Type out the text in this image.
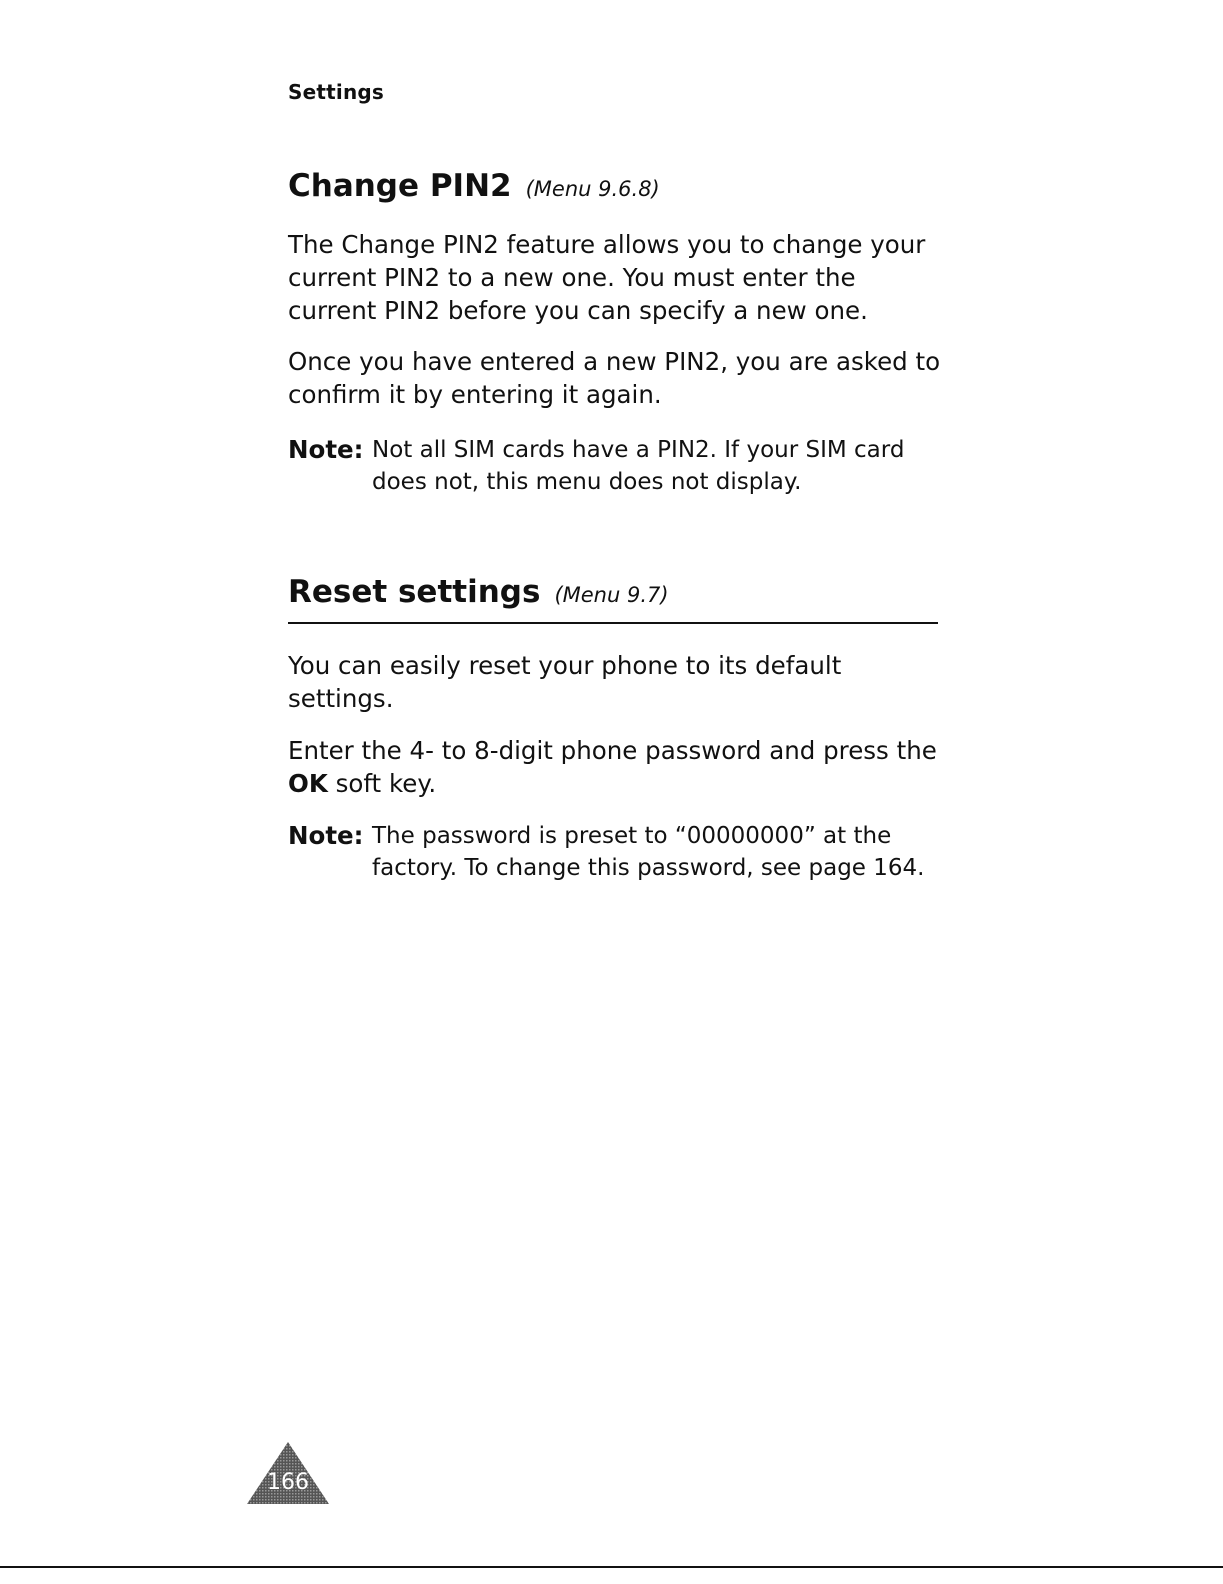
Settings
Change PIN2 (Menu 9.6.8)

The Change PIN2 feature allows you to change your current PIN2 to a new one. You must enter the current PIN2 before you can specify a new one.

Once you have entered a new PIN2, you are asked to confirm it by entering it again.

Note: Not all SIM cards have a PIN2. If your SIM card does not, this menu does not display.
Reset settings (Menu 9.7)

You can easily reset your phone to its default settings.

Enter the 4- to 8-digit phone password and press the OK soft key.

Note: The password is preset to “00000000” at the factory. To change this password, see page 164.
166
